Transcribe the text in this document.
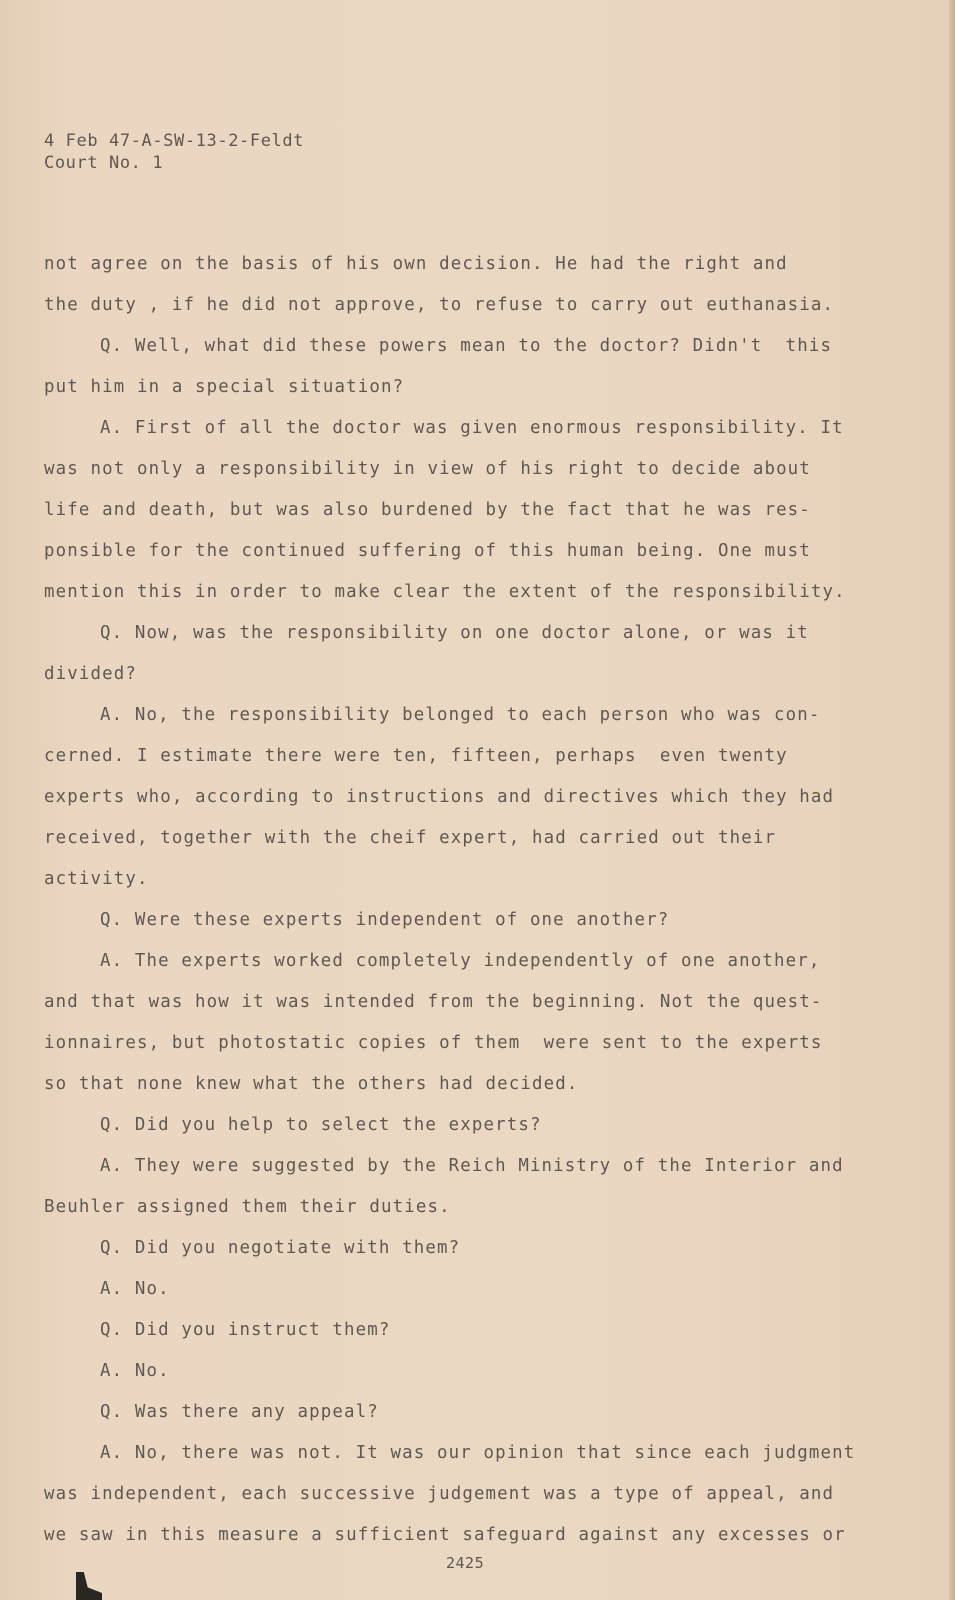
4 Feb 47-A-SW-13-2-Feldt
Court No. 1
not agree on the basis of his own decision. He had the right and
the duty , if he did not approve, to refuse to carry out euthanasia.
Q. Well, what did these powers mean to the doctor? Didn't  this
put him in a special situation?
A. First of all the doctor was given enormous responsibility. It
was not only a responsibility in view of his right to decide about
life and death, but was also burdened by the fact that he was res-
ponsible for the continued suffering of this human being. One must
mention this in order to make clear the extent of the responsibility.
Q. Now, was the responsibility on one doctor alone, or was it
divided?
A. No, the responsibility belonged to each person who was con-
cerned. I estimate there were ten, fifteen, perhaps  even twenty
experts who, according to instructions and directives which they had
received, together with the cheif expert, had carried out their
activity.
Q. Were these experts independent of one another?
A. The experts worked completely independently of one another,
and that was how it was intended from the beginning. Not the quest-
ionnaires, but photostatic copies of them  were sent to the experts
so that none knew what the others had decided.
Q. Did you help to select the experts?
A. They were suggested by the Reich Ministry of the Interior and
Beuhler assigned them their duties.
Q. Did you negotiate with them?
A. No.
Q. Did you instruct them?
A. No.
Q. Was there any appeal?
A. No, there was not. It was our opinion that since each judgment
was independent, each successive judgement was a type of appeal, and
we saw in this measure a sufficient safeguard against any excesses or
2425
